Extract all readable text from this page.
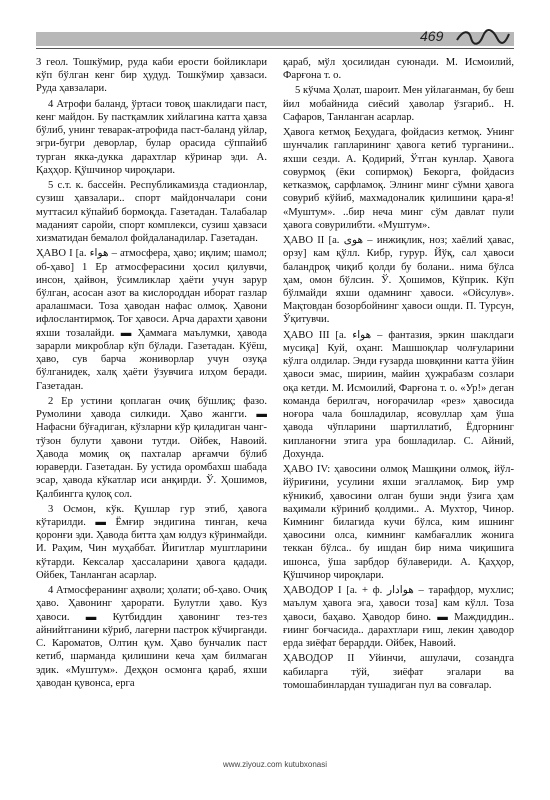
469

3 геол. Тошкўмир, руда каби ерости бойликлари кўп бўлган кенг бир ҳудуд. Тошкўмир ҳавзаси. Руда ҳавзалари.

4 Атрофи баланд, ўртаси товоқ шаклидаги паст, кенг майдон. Бу пастқамлик хийлагина катта ҳавза бўлиб, унинг теварак-атрофида паст-баланд уйлар, эгри-бугри деворлар, булар орасида сўппайиб турган якка-дукка дарахтлар кўринар эди. А. Қаҳҳор. Қўшчинор чироқлари.

5 с.т. к. бассейн. Республикамизда стадионлар, сузиш ҳавзалари.. спорт майдончалари сони муттасил кўпайиб бормоқда. Газетадан. Талабалар маданият саройи, спорт комплекси, сузиш ҳавзаси хизматидан бемалол фойдаланадилар. Газетадан.

ҲАВО I [а. هواء – атмосфера, ҳаво; иқлим; шамол; об-ҳаво] 1 Ер атмосферасини ҳосил қилувчи, инсон, ҳайвон, ўсимликлар ҳаёти учун зарур бўлган, асосан азот ва кислороддан иборат газлар аралашмаси. Тоза ҳаводан нафас олмоқ. Ҳавони ифлослантирмоқ. Тоғ ҳавоси. Арча дарахти ҳавони яхши тозалайди. ▬ Ҳаммага маълумки, ҳавода зарарли микроблар кўп бўлади. Газетадан. Кўёш, ҳаво, сув барча жониворлар учун озуқа бўлганидек, халқ ҳаёти ўзувчига илҳом беради. Газетадан.

2 Ер устини қоплаган очиқ бўшлиқ; фазо. Румолини ҳавода силкиди. Ҳаво жангги. ▬ Нафасни бўғадиган, кўзларни кўр қиладиган чанг-тўзон булути ҳавони тутди. Ойбек, Навоий. Ҳавода момиқ оқ пахталар арғамчи бўлиб юраверди. Газетадан. Бу устида оромбахш шабада эсар, ҳавода кўкатлар иси анқирди. Ў. Ҳошимов, Қалбингга қулоқ сол.

3 Осмон, кўк. Қушлар гур этиб, ҳавога кўтарилди. ▬ Ёмғир эндигина тинган, кеча қоронғи эди. Ҳавода битта ҳам юлдуз кўринмайди. И. Раҳим, Чин муҳаббат. Йигитлар муштларини кўтарди. Кексалар ҳассаларини ҳавога қадади. Ойбек, Танланган асарлар.

4 Атмосферанинг аҳволи; ҳолати; об-ҳаво. Очиқ ҳаво. Ҳавонинг ҳарорати. Булутли ҳаво. Куз ҳавоси. ▬ Кутбиддин ҳавонинг тез-тез айнийтганини кўриб, лагерни пастрок кўчирганди. С. Кароматов, Олтин қум. Ҳаво бунчалик паст кетиб, шарманда қилишини кеча ҳам билмаган эдик. «Муштум». Деҳқон осмонга қараб, яхши ҳаводан қувонса, ерга

қараб, мўл ҳосилидан суюнади. М. Исмоилий, Фарғона т. о.

5 кўчма Ҳолат, шароит. Мен уйлаганман, бу беш йил мобайнида сиёсий ҳаволар ўзгариб.. Н. Сафаров, Танланган асарлар.

Ҳавога кетмоқ Беҳудага, фойдасиз кетмоқ. Унинг шунчалик гапларининг ҳавога кетиб турганини.. яхши сезди. А. Қодирий, Ўтган кунлар. Ҳавога совурмоқ (ёки сопирмоқ) Бекорга, фойдасиз кетказмоқ, сарфламоқ. Элнинг минг сўмни ҳавога совуриб кўйиб, махмадоналик қилишини қара-я! «Муштум». ..бир неча минг сўм давлат пули ҳавога совурилибти. «Муштум».

ҲАВО II [а. هوى – инжиқлик, ноз; хаёлий ҳавас, орзу] кам қўлл. Кибр, гурур. Йўқ, сал ҳавоси баландроқ чиқиб қолди бу болани.. нима бўлса ҳам, омон бўлсин. Ў. Ҳошимов, Кўприк. Кўп бўлмайди яхши одамнинг ҳавоси. «Ойсулув». Мақтовдан бозорбойнинг ҳавоси ошди. П. Турсун, Ўқитувчи.

ҲАВО III [а. هواء – фантазия, эркин шаклдаги мусиқа] Куй, оҳанг. Машшоқлар чолғуларини кўлга олдилар. Энди ғузарда шовқинни катта ўйин ҳавоси эмас, шириин, майин ҳужрабазм созлари оқа кетди. М. Исмоилий, Фарғона т. о. «Ур!» деган команда берилгач, ноғорачилар «рез» ҳавосида ноғора чала бошладилар, ясовуллар ҳам ўша ҳавода чўпларини шартиллатиб, Ёдгорнинг кипланоғни этига ура бошладилар. С. Айний, Дохунда.

ҲАВО IV: ҳавосини олмоқ Машқини олмоқ, йўл-йўриғини, усулини яхши эгалламоқ. Бир умр кўникиб, ҳавосини олган буши энди ўзига ҳам ваҳимали кўриниб қолдими.. А. Мухтор, Чинор. Кимнинг билагида кучи бўлса, ким ишнинг ҳавосини олса, кимнинг камбағаллик жонига теккан бўлса.. бу ишдан бир нима чиқишига ишонса, ўша зарбдор бўлавериди. А. Қаҳҳор, Қўшчинор чироқлари.

ҲАВОДОР I [а. + ф. هوادار – тарафдор, мухлис; маълум ҳавога эга, ҳавоси тоза] кам кўлл. Тоза ҳавоси, баҳаво. Ҳаводор бино. ▬ Маждиддин.. ғиинг боғчасида.. дарахтлари ғиш, лекин ҳаводор ерда зиёфат берардди. Ойбек, Навоий.

ҲАВОДОР II Уйинчи, ашулачи, созандга кабиларга тўй, зиёфат эгалари ва томошабинлардан тушадиган пул ва совғалар.

www.ziyouz.com kutubxonasi
